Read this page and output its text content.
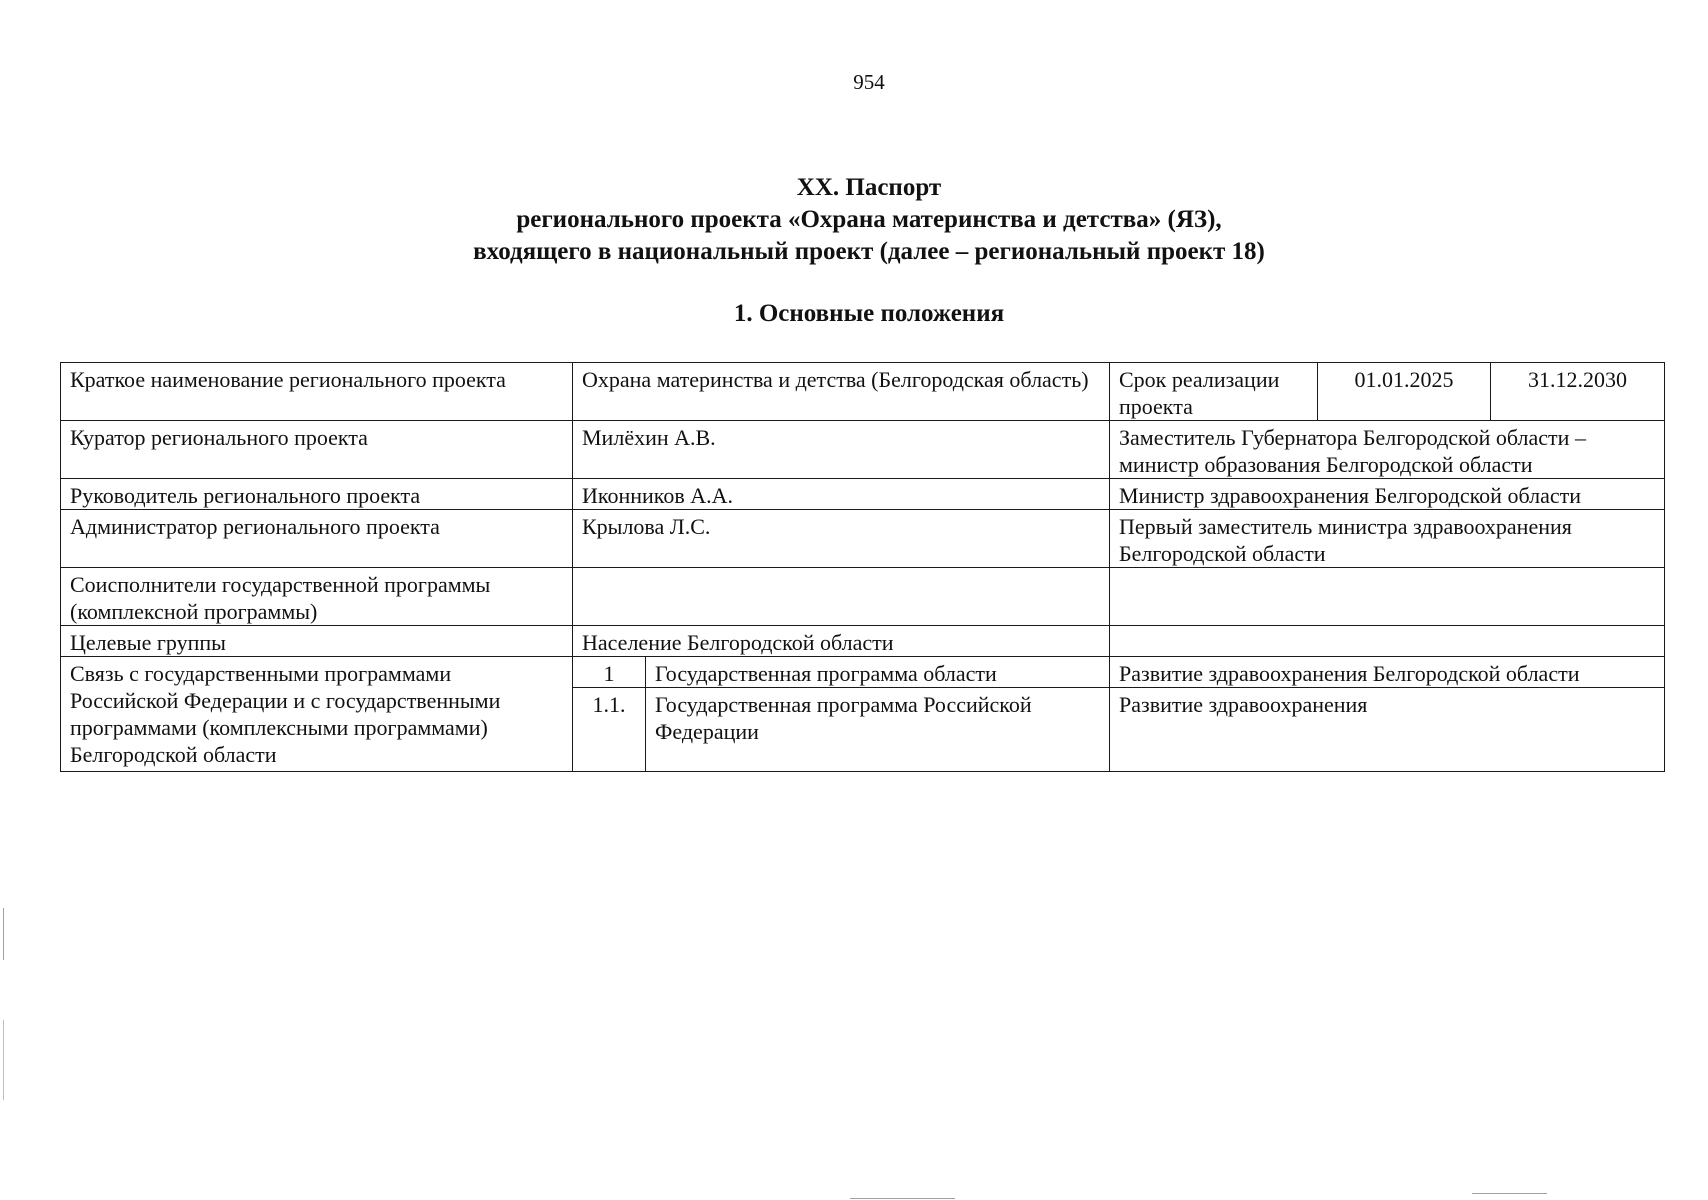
954
XX. Паспорт
регионального проекта «Охрана материнства и детства» (ЯЗ),
входящего в национальный проект (далее – региональный проект 18)
1. Основные положения
Краткое наименование регионального проекта	Охрана материнства и детства (Белгородская область)		Срок реализации проекта	01.01.2025	31.12.2030
Куратор регионального проекта	Милёхин А.В.		Заместитель Губернатора Белгородской области – министр образования Белгородской области		
Руководитель регионального проекта	Иконников А.А.		Министр здравоохранения Белгородской области		
Администратор регионального проекта	Крылова Л.С.		Первый заместитель министра здравоохранения Белгородской области		
Соисполнители государственной программы (комплексной программы)					
Целевые группы	Население Белгородской области				
Связь с государственными программами Российской Федерации и с государственными программами (комплексными программами) Белгородской области	1	Государственная программа области	Развитие здравоохранения Белгородской области		
	1.1.	Государственная программа Российской Федерации	Развитие здравоохранения		
